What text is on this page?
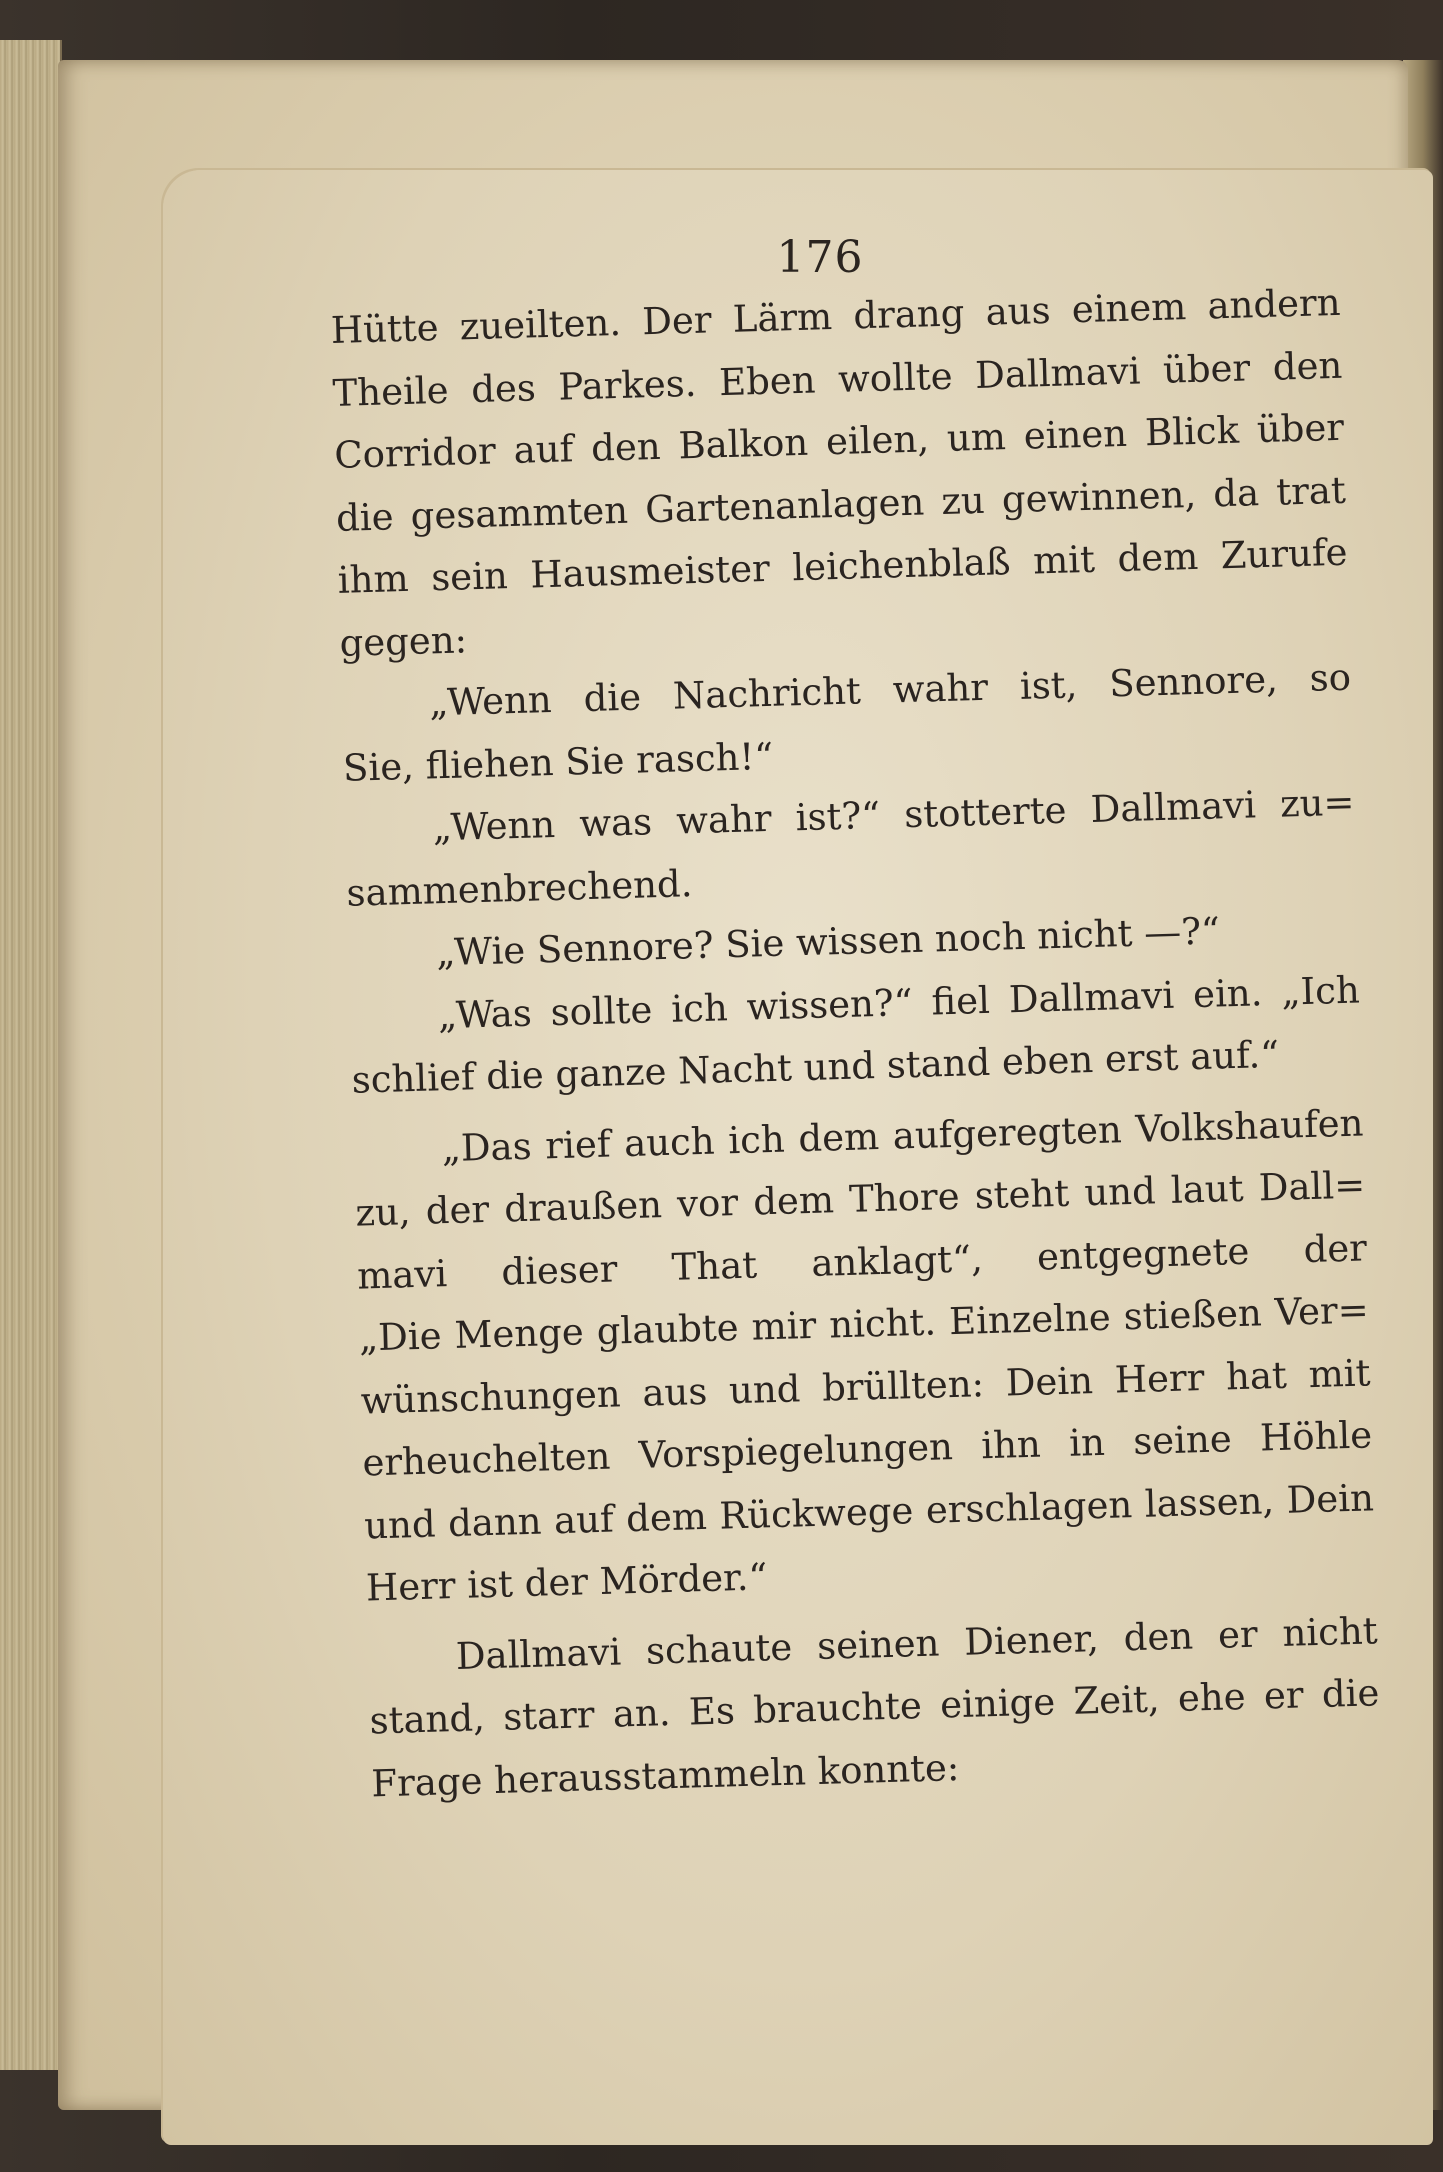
176
Hütte zueilten. Der Lärm drang aus einem andern
Theile des Parkes. Eben wollte Dallmavi über den
Corridor auf den Balkon eilen, um einen Blick über
die gesammten Gartenanlagen zu gewinnen, da trat
ihm sein Hausmeister leichenblaß mit dem Zurufe
gegen:
„Wenn die Nachricht wahr ist, Sennore, so
Sie, fliehen Sie rasch!“
„Wenn was wahr ist?“ stotterte Dallmavi zu=
sammenbrechend.
„Wie Sennore? Sie wissen noch nicht —?“
„Was sollte ich wissen?“ fiel Dallmavi ein. „Ich
schlief die ganze Nacht und stand eben erst auf.“
„Das rief auch ich dem aufgeregten Volkshaufen
zu, der draußen vor dem Thore steht und laut Dall=
mavi dieser That anklagt“, entgegnete der
„Die Menge glaubte mir nicht. Einzelne stießen Ver=
wünschungen aus und brüllten: Dein Herr hat mit
erheuchelten Vorspiegelungen ihn in seine Höhle
und dann auf dem Rückwege erschlagen lassen, Dein
Herr ist der Mörder.“
Dallmavi schaute seinen Diener, den er nicht
stand, starr an. Es brauchte einige Zeit, ehe er die
Frage herausstammeln konnte:
